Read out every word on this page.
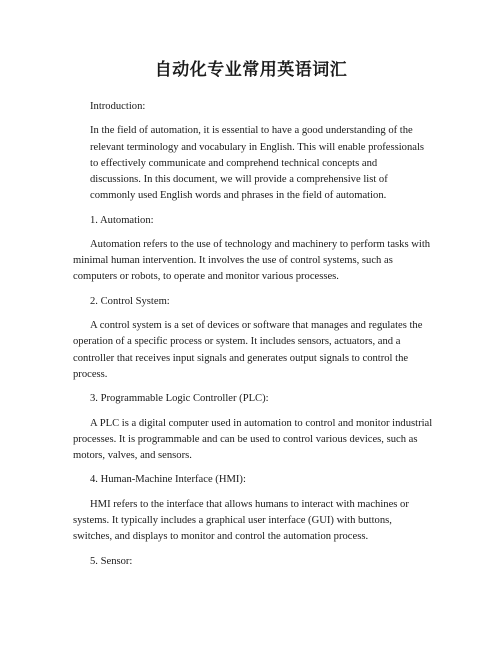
自动化专业常用英语词汇

Introduction:

In the field of automation, it is essential to have a good understanding of the relevant terminology and vocabulary in English. This will enable professionals to effectively communicate and comprehend technical concepts and discussions. In this document, we will provide a comprehensive list of commonly used English words and phrases in the field of automation.

1. Automation:

Automation refers to the use of technology and machinery to perform tasks with minimal human intervention. It involves the use of control systems, such as computers or robots, to operate and monitor various processes.

2. Control System:

A control system is a set of devices or software that manages and regulates the operation of a specific process or system. It includes sensors, actuators, and a controller that receives input signals and generates output signals to control the process.

3. Programmable Logic Controller (PLC):

A PLC is a digital computer used in automation to control and monitor industrial processes. It is programmable and can be used to control various devices, such as motors, valves, and sensors.

4. Human-Machine Interface (HMI):

HMI refers to the interface that allows humans to interact with machines or systems. It typically includes a graphical user interface (GUI) with buttons, switches, and displays to monitor and control the automation process.

5. Sensor:
